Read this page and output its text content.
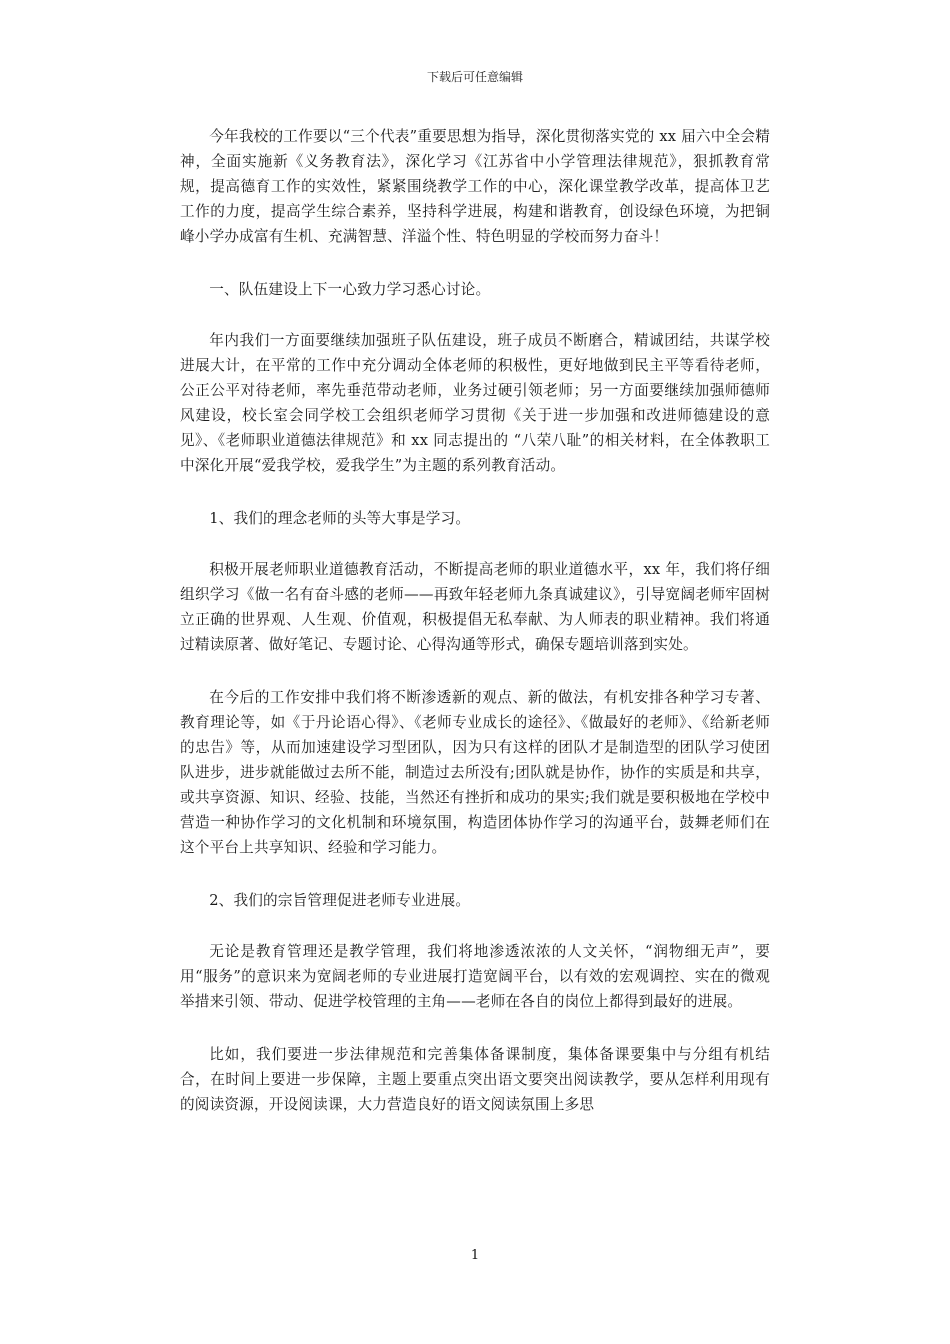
下载后可任意编辑

今年我校的工作要以“三个代表”重要思想为指导，深化贯彻落实党的 xx 届六中全会精神，全面实施新《义务教育法》，深化学习《江苏省中小学管理法律规范》，狠抓教育常规，提高德育工作的实效性，紧紧围绕教学工作的中心，深化课堂教学改革，提高体卫艺工作的力度，提高学生综合素养，坚持科学进展，构建和谐教育，创设绿色环境，为把铜峰小学办成富有生机、充满智慧、洋溢个性、特色明显的学校而努力奋斗！

一、队伍建设上下一心致力学习悉心讨论。

年内我们一方面要继续加强班子队伍建设，班子成员不断磨合，精诚团结，共谋学校进展大计，在平常的工作中充分调动全体老师的积极性，更好地做到民主平等看待老师，公正公平对待老师，率先垂范带动老师，业务过硬引领老师；另一方面要继续加强师德师风建设，校长室会同学校工会组织老师学习贯彻《关于进一步加强和改进师德建设的意见》、《老师职业道德法律规范》和 xx 同志提出的 “八荣八耻”的相关材料，在全体教职工中深化开展“爱我学校，爱我学生”为主题的系列教育活动。

1、我们的理念老师的头等大事是学习。

积极开展老师职业道德教育活动，不断提高老师的职业道德水平，xx 年，我们将仔细组织学习《做一名有奋斗感的老师——再致年轻老师九条真诚建议》，引导宽阔老师牢固树立正确的世界观、人生观、价值观，积极提倡无私奉献、为人师表的职业精神。我们将通过精读原著、做好笔记、专题讨论、心得沟通等形式，确保专题培训落到实处。

在今后的工作安排中我们将不断渗透新的观点、新的做法，有机安排各种学习专著、教育理论等，如《于丹论语心得》、《老师专业成长的途径》、《做最好的老师》、《给新老师的忠告》等，从而加速建设学习型团队，因为只有这样的团队才是制造型的团队学习使团队进步，进步就能做过去所不能，制造过去所没有;团队就是协作，协作的实质是和共享，或共享资源、知识、经验、技能，当然还有挫折和成功的果实;我们就是要积极地在学校中营造一种协作学习的文化机制和环境氛围，构造团体协作学习的沟通平台，鼓舞老师们在这个平台上共享知识、经验和学习能力。

2、我们的宗旨管理促进老师专业进展。

无论是教育管理还是教学管理，我们将地渗透浓浓的人文关怀，“润物细无声”，要用“服务”的意识来为宽阔老师的专业进展打造宽阔平台，以有效的宏观调控、实在的微观举措来引领、带动、促进学校管理的主角——老师在各自的岗位上都得到最好的进展。

比如，我们要进一步法律规范和完善集体备课制度，集体备课要集中与分组有机结合，在时间上要进一步保障，主题上要重点突出语文要突出阅读教学，要从怎样利用现有的阅读资源，开设阅读课，大力营造良好的语文阅读氛围上多思

1
